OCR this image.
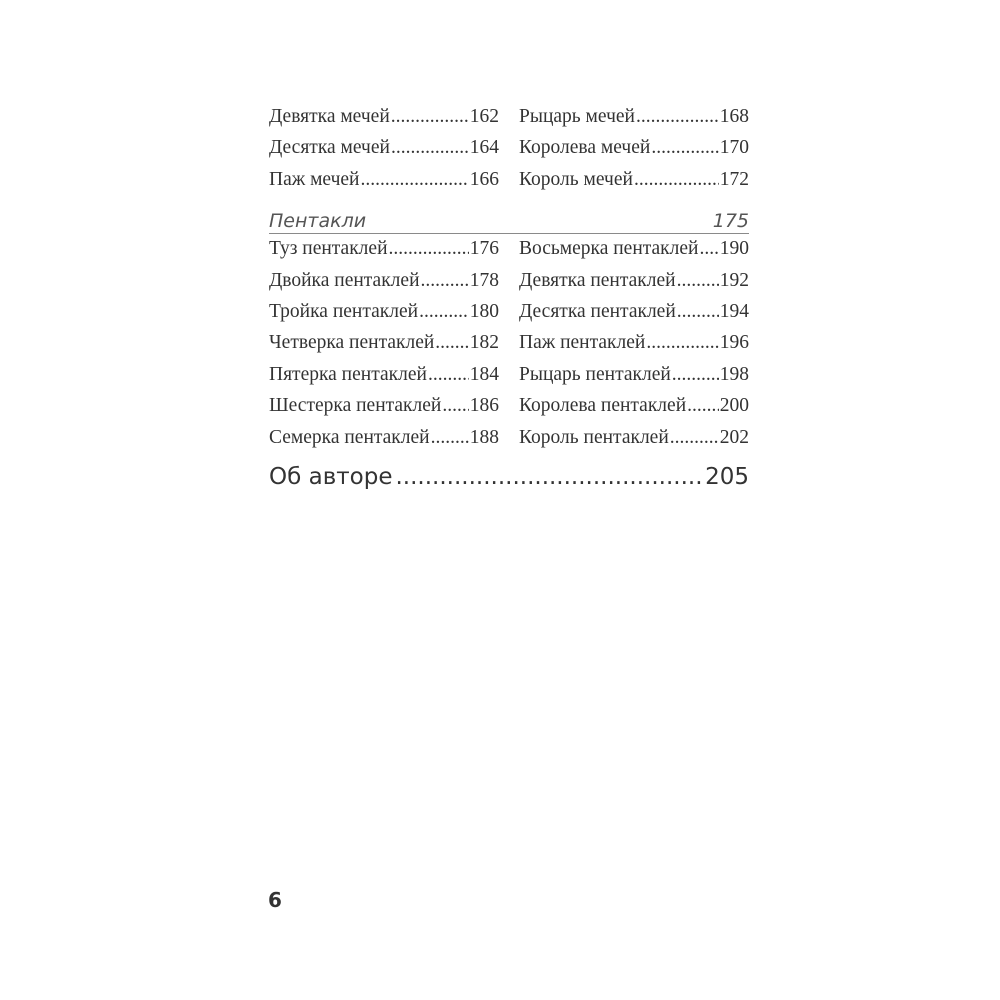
Девятка мечей .....	162
Десятка мечей .....	164
Паж мечей .....	166
Рыцарь мечей .....	168
Королева мечей .....	170
Король мечей .....	172
Пентакли	175
Туз пентаклей .....	176
Двойка пентаклей .....	178
Тройка пентаклей .....	180
Четверка пентаклей ..... 182
Пятерка пентаклей ..... 184
Шестерка пентаклей ..... 186
Семерка пентаклей ..... 188
Восьмерка пентаклей ..... 190
Девятка пентаклей ..... 192
Десятка пентаклей ..... 194
Паж пентаклей .....	196
Рыцарь пентаклей .....	198
Королева пентаклей ..... 200
Король пентаклей .....	202
Об авторе .....	205
6
